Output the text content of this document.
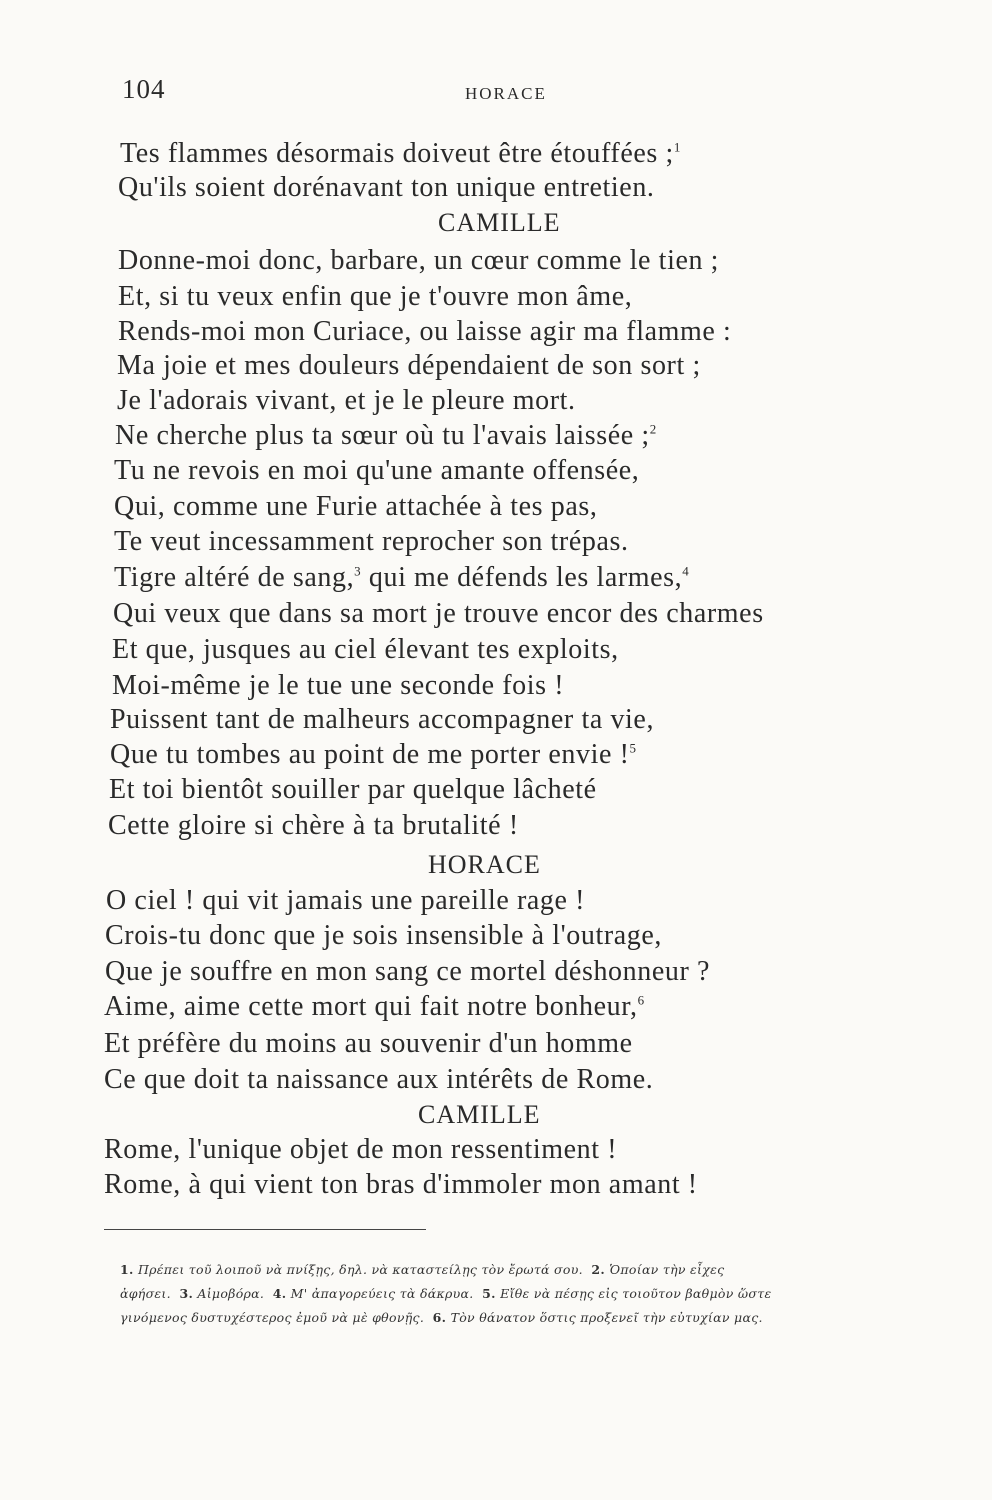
104	HORACE
Tes flammes désormais doiveut être étouffées ;$^1$
Qu'ils soient dorénavant ton unique entretien.
CAMILLE
Donne-moi donc, barbare, un cœur comme le tien ;
Et, si tu veux enfin que je t'ouvre mon âme,
Rends-moi mon Curiace, ou laisse agir ma flamme :
Ma joie et mes douleurs dépendaient de son sort ;
Je l'adorais vivant, et je le pleure mort.
Ne cherche plus ta sœur où tu l'avais laissée ;$^2$
Tu ne revois en moi qu'une amante offensée,
Qui, comme une Furie attachée à tes pas,
Te veut incessamment reprocher son trépas.
Tigre altéré de sang,$^3$ qui me défends les larmes,$^4$
Qui veux que dans sa mort je trouve encor des charmes
Et que, jusques au ciel élevant tes exploits,
Moi-même je le tue une seconde fois !
Puissent tant de malheurs accompagner ta vie,
Que tu tombes au point de me porter envie !$^5$
Et toi bientôt souiller par quelque lâcheté
Cette gloire si chère à ta brutalité !
HORACE
O ciel ! qui vit jamais une pareille rage !
Crois-tu donc que je sois insensible à l'outrage,
Que je souffre en mon sang ce mortel déshonneur ?
Aime, aime cette mort qui fait notre bonheur,$^6$
Et préfère du moins au souvenir d'un homme
Ce que doit ta naissance aux intérêts de Rome.
CAMILLE
Rome, l'unique objet de mon ressentiment !
Rome, à qui vient ton bras d'immoler mon amant !
1. Πρέπει τοῦ λοιποῦ νὰ πνίξῃς, δηλ. νὰ καταστείλῃς τὸν ἔρωτά σου. 2. Ὁποίαν τὴν εἶχες
ἀφήσει. 3. Αἱμοβόρα. 4. Μ' ἀπαγορεύεις τὰ δάκρυα. 5. Εἴθε νὰ πέσῃς εἰς τοιοῦτον βαθμὸν ὥστε
γινόμενος δυστυχέστερος ἐμοῦ νὰ μὲ φθονῇς. 6. Τὸν θάνατον ὅστις προξενεῖ τὴν εὐτυχίαν μας.
